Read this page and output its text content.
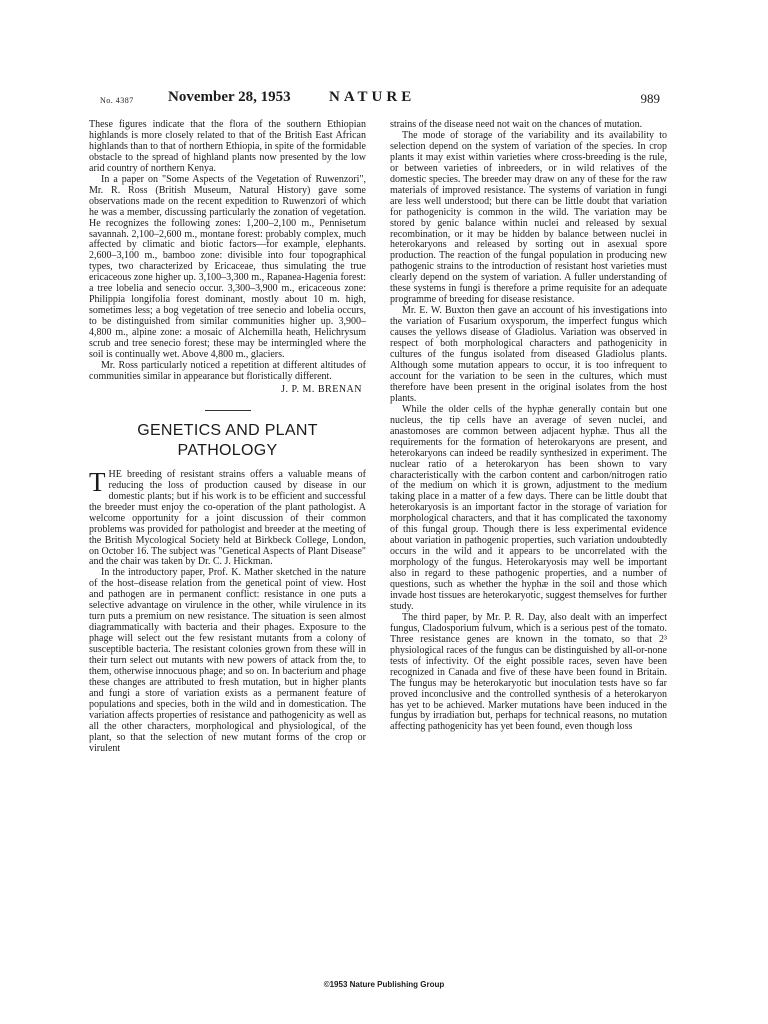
No. 4387 November 28, 1953	NATURE	989

These figures indicate that the flora of the southern Ethiopian highlands is more closely related to that of the British East African highlands than to that of northern Ethiopia, in spite of the formidable obstacle to the spread of highland plants now presented by the low arid country of northern Kenya.

In a paper on "Some Aspects of the Vegetation of Ruwenzori", Mr. R. Ross (British Museum, Natural History) gave some observations made on the recent expedition to Ruwenzori of which he was a member, discussing particularly the zonation of vegetation. He recognizes the following zones: 1,200–2,100 m., Pennisetum savannah. 2,100–2,600 m., montane forest: probably complex, much affected by climatic and biotic factors—for example, elephants. 2,600–3,100 m., bamboo zone: divisible into four topographical types, two characterized by Ericaceae, thus simulating the true ericaceous zone higher up. 3,100–3,300 m., Rapanea-Hagenia forest: a tree lobelia and senecio occur. 3,300–3,900 m., ericaceous zone: Philippia longifolia forest dominant, mostly about 10 m. high, sometimes less; a bog vegetation of tree senecio and lobelia occurs, to be distinguished from similar communities higher up. 3,900–4,800 m., alpine zone: a mosaic of Alchemilla heath, Helichrysum scrub and tree senecio forest; these may be intermingled where the soil is continually wet. Above 4,800 m., glaciers.

Mr. Ross particularly noticed a repetition at different altitudes of communities similar in appearance but floristically different.

J. P. M. BRENAN
GENETICS AND PLANT
PATHOLOGY

THE breeding of resistant strains offers a valuable means of reducing the loss of production caused by disease in our domestic plants; but if his work is to be efficient and successful the breeder must enjoy the co-operation of the plant pathologist. A welcome opportunity for a joint discussion of their common problems was provided for pathologist and breeder at the meeting of the British Mycological Society held at Birkbeck College, London, on October 16. The subject was "Genetical Aspects of Plant Disease" and the chair was taken by Dr. C. J. Hickman.

In the introductory paper, Prof. K. Mather sketched in the nature of the host–disease relation from the genetical point of view. Host and pathogen are in permanent conflict: resistance in one puts a selective advantage on virulence in the other, while virulence in its turn puts a premium on new resistance. The situation is seen almost diagrammatically with bacteria and their phages. Exposure to the phage will select out the few resistant mutants from a colony of susceptible bacteria. The resistant colonies grown from these will in their turn select out mutants with new powers of attack from the, to them, otherwise innocuous phage; and so on. In bacterium and phage these changes are attributed to fresh mutation, but in higher plants and fungi a store of variation exists as a permanent feature of populations and species, both in the wild and in domestication. The variation affects properties of resistance and pathogenicity as well as all the other characters, morphological and physiological, of the plant, so that the selection of new mutant forms of the crop or virulent

strains of the disease need not wait on the chances of mutation.

The mode of storage of the variability and its availability to selection depend on the system of variation of the species. In crop plants it may exist within varieties where cross-breeding is the rule, or between varieties of inbreeders, or in wild relatives of the domestic species. The breeder may draw on any of these for the raw materials of improved resistance. The systems of variation in fungi are less well understood; but there can be little doubt that variation for pathogenicity is common in the wild. The variation may be stored by genic balance within nuclei and released by sexual recombination, or it may be hidden by balance between nuclei in heterokaryons and released by sorting out in asexual spore production. The reaction of the fungal population in producing new pathogenic strains to the introduction of resistant host varieties must clearly depend on the system of variation. A fuller understanding of these systems in fungi is therefore a prime requisite for an adequate programme of breeding for disease resistance.

Mr. E. W. Buxton then gave an account of his investigations into the variation of Fusarium oxysporum, the imperfect fungus which causes the yellows disease of Gladiolus. Variation was observed in respect of both morphological characters and pathogenicity in cultures of the fungus isolated from diseased Gladiolus plants. Although some mutation appears to occur, it is too infrequent to account for the variation to be seen in the cultures, which must therefore have been present in the original isolates from the host plants.

While the older cells of the hyphæ generally contain but one nucleus, the tip cells have an average of seven nuclei, and anastomoses are common between adjacent hyphæ. Thus all the requirements for the formation of heterokaryons are present, and heterokaryons can indeed be readily synthesized in experiment. The nuclear ratio of a heterokaryon has been shown to vary characteristically with the carbon content and carbon/nitrogen ratio of the medium on which it is grown, adjustment to the medium taking place in a matter of a few days. There can be little doubt that heterokaryosis is an important factor in the storage of variation for morphological characters, and that it has complicated the taxonomy of this fungal group. Though there is less experimental evidence about variation in pathogenic properties, such variation undoubtedly occurs in the wild and it appears to be uncorrelated with the morphology of the fungus. Heterokaryosis may well be important also in regard to these pathogenic properties, and a number of questions, such as whether the hyphæ in the soil and those which invade host tissues are heterokaryotic, suggest themselves for further study.

The third paper, by Mr. P. R. Day, also dealt with an imperfect fungus, Cladosporium fulvum, which is a serious pest of the tomato. Three resistance genes are known in the tomato, so that 2³ physiological races of the fungus can be distinguished by all-or-none tests of infectivity. Of the eight possible races, seven have been recognized in Canada and five of these have been found in Britain. The fungus may be heterokaryotic but inoculation tests have so far proved inconclusive and the controlled synthesis of a heterokaryon has yet to be achieved. Marker mutations have been induced in the fungus by irradiation but, perhaps for technical reasons, no mutation affecting pathogenicity has yet been found, even though loss

©1953 Nature Publishing Group
